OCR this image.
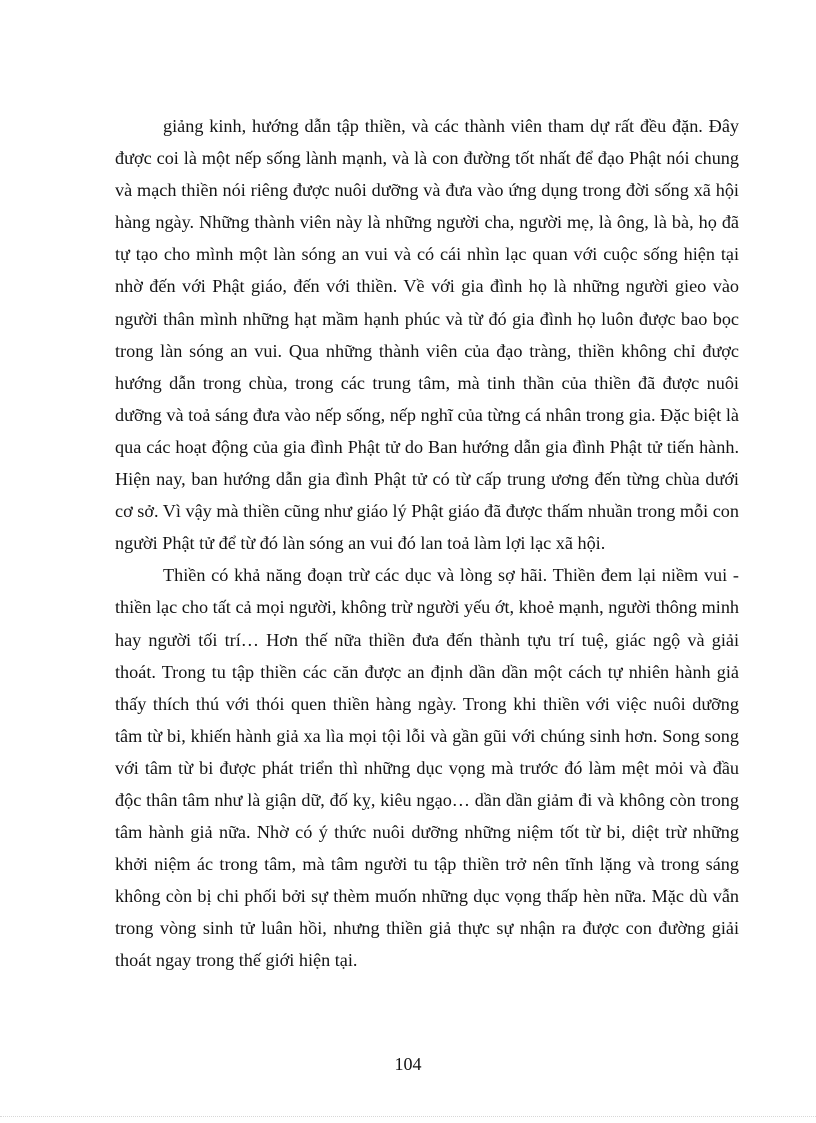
giảng kinh, hướng dẫn tập thiền, và các thành viên tham dự rất đều đặn. Đây được coi là một nếp sống lành mạnh, và là con đường tốt nhất để đạo Phật nói chung và mạch thiền nói riêng được nuôi dưỡng và đưa vào ứng dụng trong đời sống xã hội hàng ngày. Những thành viên này là những người cha, người mẹ, là ông, là bà, họ đã tự tạo cho mình một làn sóng an vui và có cái nhìn lạc quan với cuộc sống hiện tại nhờ đến với Phật giáo, đến với thiền. Về với gia đình họ là những người gieo vào người thân mình những hạt mầm hạnh phúc và từ đó gia đình họ luôn được bao bọc trong làn sóng an vui. Qua những thành viên của đạo tràng, thiền không chỉ được hướng dẫn trong chùa, trong các trung tâm, mà tinh thần của thiền đã được nuôi dưỡng và toả sáng đưa vào nếp sống, nếp nghĩ của từng cá nhân trong gia. Đặc biệt là qua các hoạt động của gia đình Phật tử do Ban hướng dẫn gia đình Phật tử tiến hành. Hiện nay, ban hướng dẫn gia đình Phật tử có từ cấp trung ương đến từng chùa dưới cơ sở. Vì vậy mà thiền cũng như giáo lý Phật giáo đã được thấm nhuần trong mỗi con người Phật tử để từ đó làn sóng an vui đó lan toả làm lợi lạc xã hội.

Thiền có khả năng đoạn trừ các dục và lòng sợ hãi. Thiền đem lại niềm vui - thiền lạc cho tất cả mọi người, không trừ người yếu ớt, khoẻ mạnh, người thông minh hay người tối trí… Hơn thế nữa thiền đưa đến thành tựu trí tuệ, giác ngộ và giải thoát. Trong tu tập thiền các căn được an định dần dần một cách tự nhiên hành giả thấy thích thú với thói quen thiền hàng ngày. Trong khi thiền với việc nuôi dưỡng tâm từ bi, khiến hành giả xa lìa mọi tội lỗi và gần gũi với chúng sinh hơn. Song song với tâm từ bi được phát triển thì những dục vọng mà trước đó làm mệt mỏi và đầu độc thân tâm như là giận dữ, đố kỵ, kiêu ngạo… dần dần giảm đi và không còn trong tâm hành giả nữa. Nhờ có ý thức nuôi dưỡng những niệm tốt từ bi, diệt trừ những khởi niệm ác trong tâm, mà tâm người tu tập thiền trở nên tĩnh lặng và trong sáng không còn bị chi phối bởi sự thèm muốn những dục vọng thấp hèn nữa. Mặc dù vẫn trong vòng sinh tử luân hồi, nhưng thiền giả thực sự nhận ra được con đường giải thoát ngay trong thế giới hiện tại.

104
